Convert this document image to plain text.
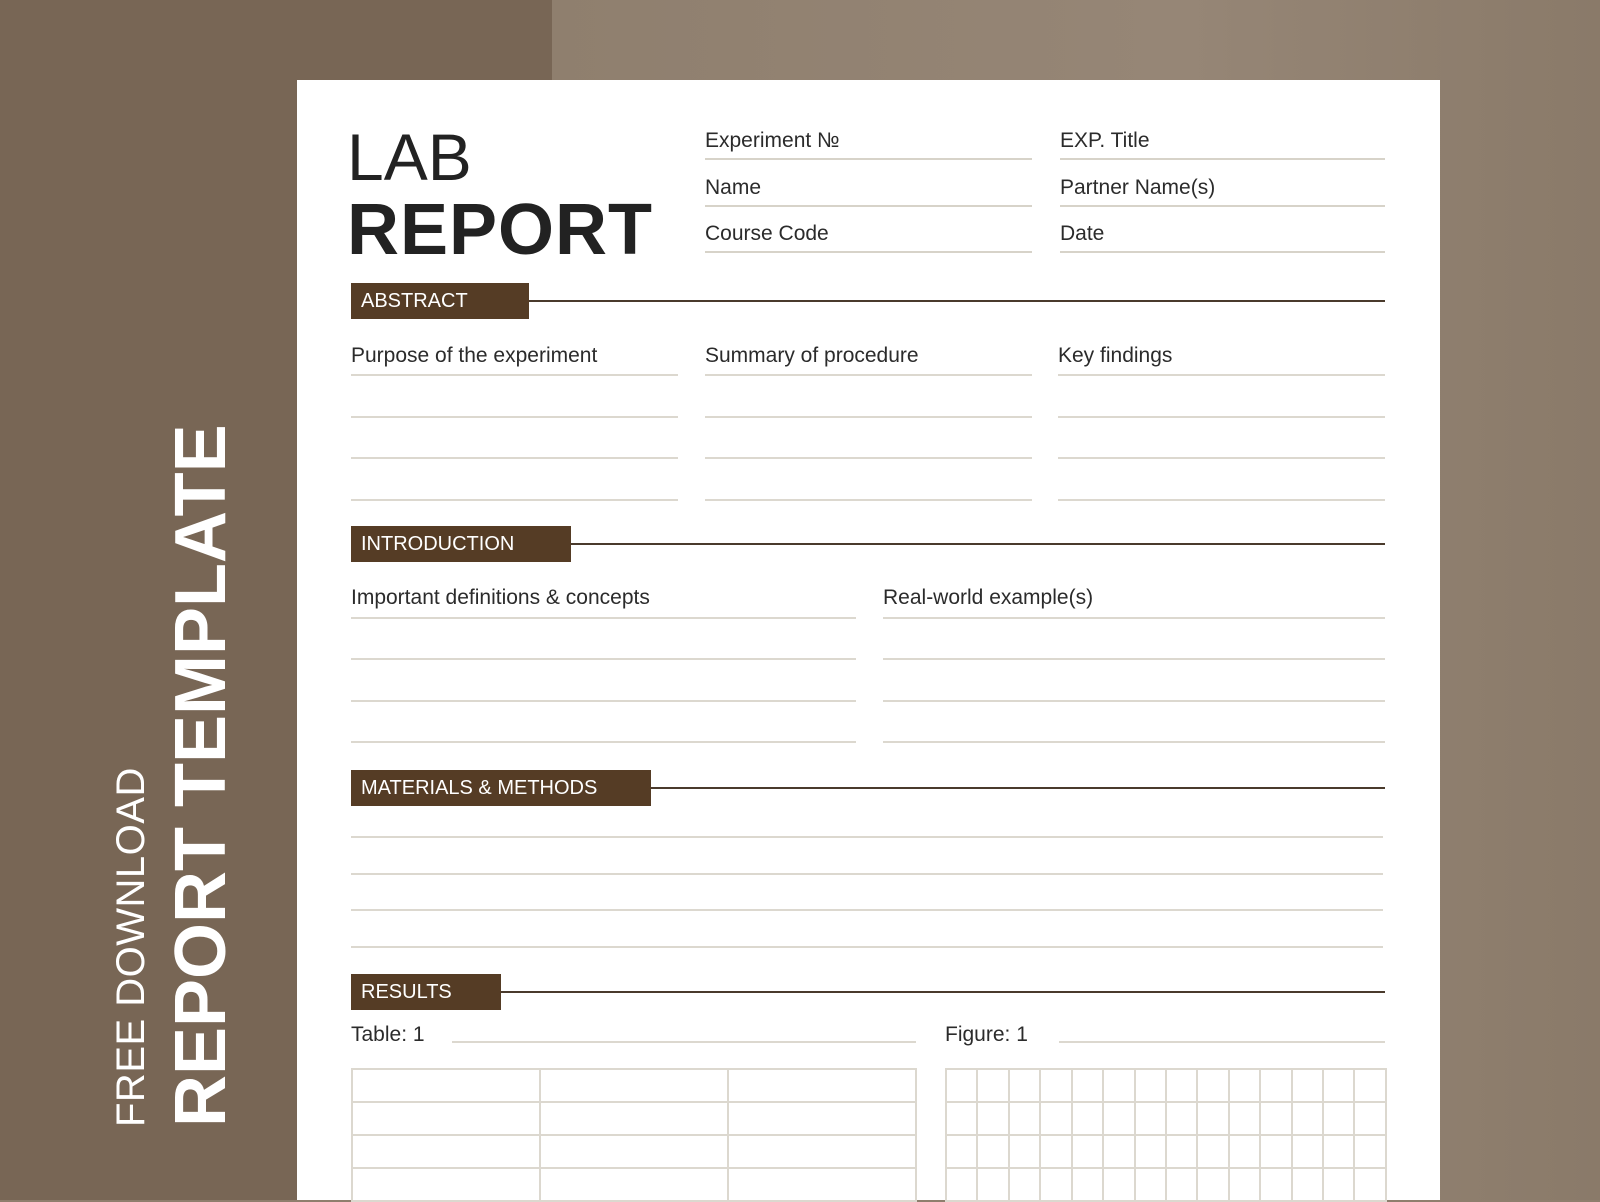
FREE DOWNLOAD REPORT TEMPLATE
LAB
REPORT
Experiment №	EXP. Title
Name	Partner Name(s)
Course Code	Date
ABSTRACT
Purpose of the experiment	Summary of procedure	Key findings
INTRODUCTION
Important definitions & concepts	Real-world example(s)
MATERIALS & METHODS
RESULTS
Table: 1	Figure: 1
